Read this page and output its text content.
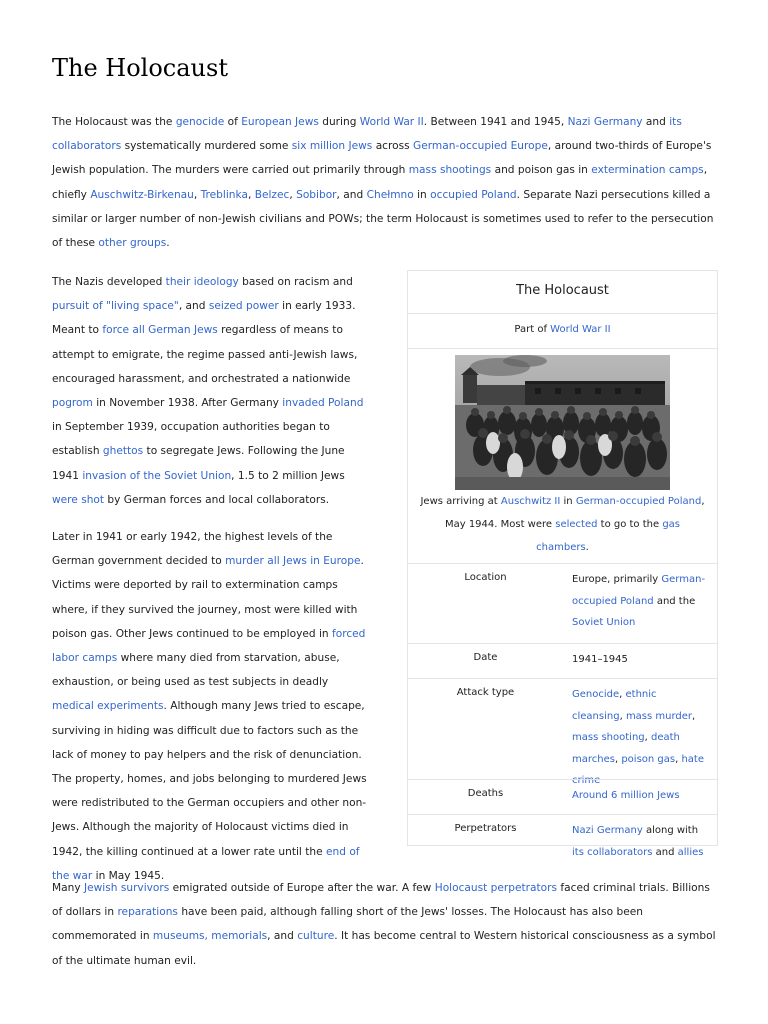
The Holocaust

The Holocaust was the genocide of European Jews during World War II. Between 1941 and 1945, Nazi Germany and its collaborators systematically murdered some six million Jews across German-occupied Europe, around two-thirds of Europe's Jewish population. The murders were carried out primarily through mass shootings and poison gas in extermination camps, chiefly Auschwitz-Birkenau, Treblinka, Belzec, Sobibor, and Chełmno in occupied Poland. Separate Nazi persecutions killed a similar or larger number of non-Jewish civilians and POWs; the term Holocaust is sometimes used to refer to the persecution of these other groups.

The Nazis developed their ideology based on racism and pursuit of "living space", and seized power in early 1933. Meant to force all German Jews regardless of means to attempt to emigrate, the regime passed anti-Jewish laws, encouraged harassment, and orchestrated a nationwide pogrom in November 1938. After Germany invaded Poland in September 1939, occupation authorities began to establish ghettos to segregate Jews. Following the June 1941 invasion of the Soviet Union, 1.5 to 2 million Jews were shot by German forces and local collaborators.

Later in 1941 or early 1942, the highest levels of the German government decided to murder all Jews in Europe. Victims were deported by rail to extermination camps where, if they survived the journey, most were killed with poison gas. Other Jews continued to be employed in forced labor camps where many died from starvation, abuse, exhaustion, or being used as test subjects in deadly medical experiments. Although many Jews tried to escape, surviving in hiding was difficult due to factors such as the lack of money to pay helpers and the risk of denunciation. The property, homes, and jobs belonging to murdered Jews were redistributed to the German occupiers and other non-Jews. Although the majority of Holocaust victims died in 1942, the killing continued at a lower rate until the end of the war in May 1945.

Many Jewish survivors emigrated outside of Europe after the war. A few Holocaust perpetrators faced criminal trials. Billions of dollars in reparations have been paid, although falling short of the Jews' losses. The Holocaust has also been commemorated in museums, memorials, and culture. It has become central to Western historical consciousness as a symbol of the ultimate human evil.

The Holocaust
Part of World War II
Jews arriving at Auschwitz II in German-occupied Poland, May 1944. Most were selected to go to the gas chambers.
Location	Europe, primarily German-occupied Poland and the Soviet Union
Date	1941–1945
Attack type	Genocide, ethnic cleansing, mass murder, mass shooting, death marches, poison gas, hate crime
Deaths	Around 6 million Jews
Perpetrators	Nazi Germany along with its collaborators and allies
